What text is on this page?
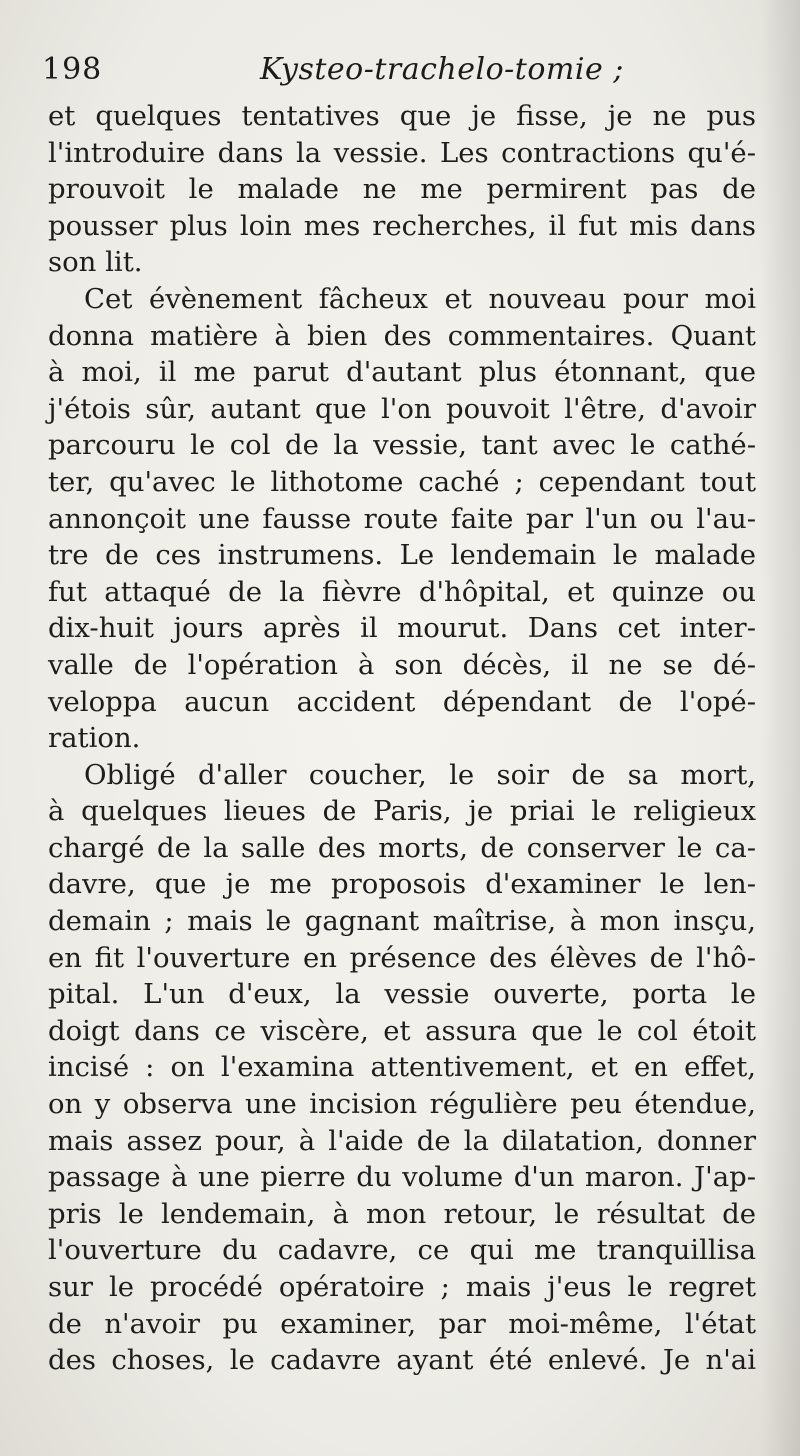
198	Kysteo-trachelo-tomie ;
et quelques tentatives que je fisse, je ne pus
l'introduire dans la vessie. Les contractions qu'é-
prouvoit le malade ne me permirent pas de
pousser plus loin mes recherches, il fut mis dans
son lit.
Cet évènement fâcheux et nouveau pour moi
donna matière à bien des commentaires. Quant
à moi, il me parut d'autant plus étonnant, que
j'étois sûr, autant que l'on pouvoit l'être, d'avoir
parcouru le col de la vessie, tant avec le cathé-
ter, qu'avec le lithotome caché ; cependant tout
annonçoit une fausse route faite par l'un ou l'au-
tre de ces instrumens. Le lendemain le malade
fut attaqué de la fièvre d'hôpital, et quinze ou
dix-huit jours après il mourut. Dans cet inter-
valle de l'opération à son décès, il ne se dé-
veloppa aucun accident dépendant de l'opé-
ration.
Obligé d'aller coucher, le soir de sa mort,
à quelques lieues de Paris, je priai le religieux
chargé de la salle des morts, de conserver le ca-
davre, que je me proposois d'examiner le len-
demain ; mais le gagnant maîtrise, à mon insçu,
en fit l'ouverture en présence des élèves de l'hô-
pital. L'un d'eux, la vessie ouverte, porta le
doigt dans ce viscère, et assura que le col étoit
incisé : on l'examina attentivement, et en effet,
on y observa une incision régulière peu étendue,
mais assez pour, à l'aide de la dilatation, donner
passage à une pierre du volume d'un maron. J'ap-
pris le lendemain, à mon retour, le résultat de
l'ouverture du cadavre, ce qui me tranquillisa
sur le procédé opératoire ; mais j'eus le regret
de n'avoir pu examiner, par moi-même, l'état
des choses, le cadavre ayant été enlevé. Je n'ai
